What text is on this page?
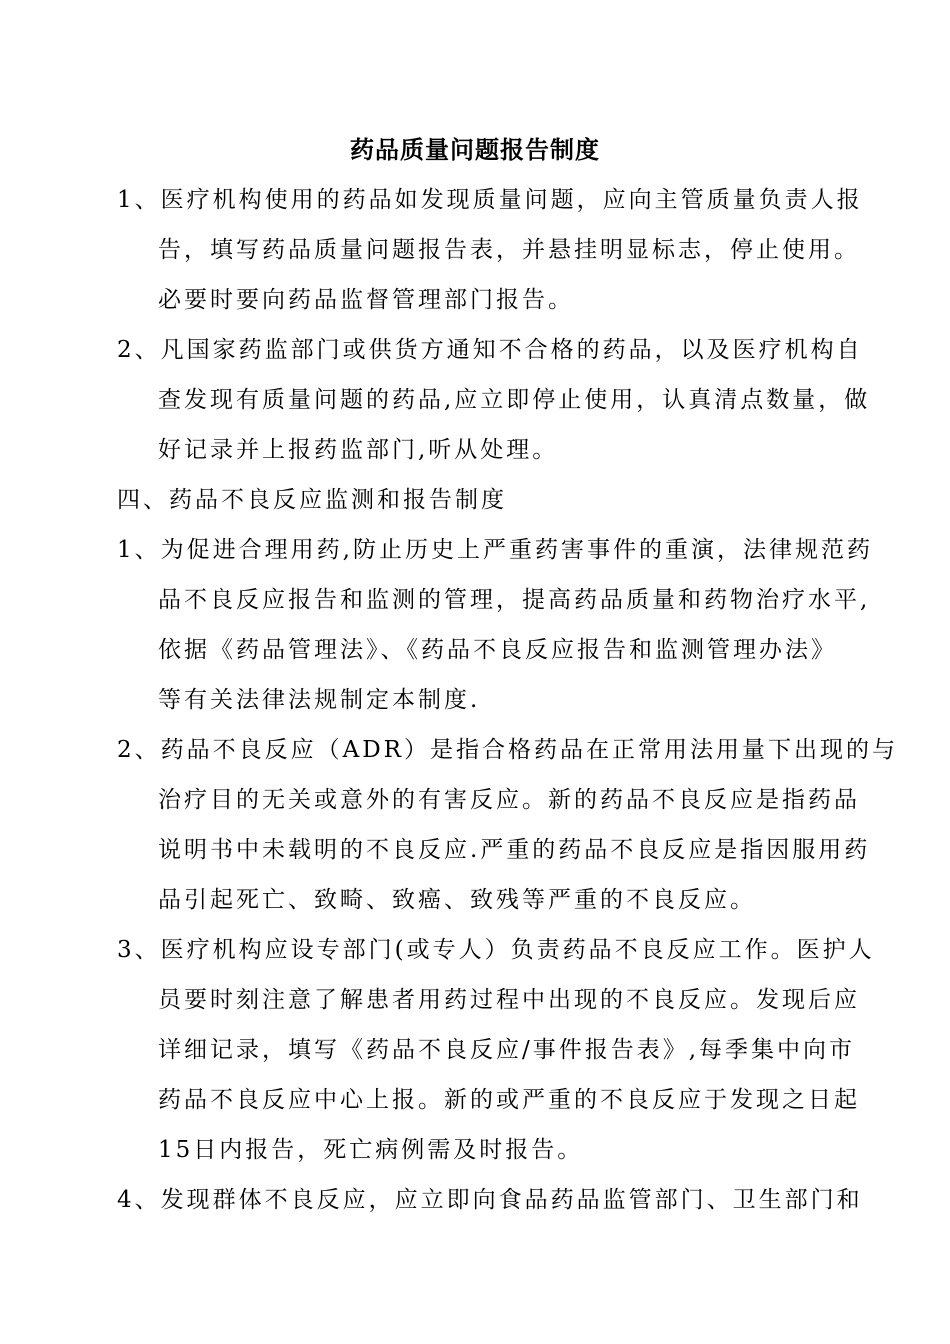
药品质量问题报告制度
1、医疗机构使用的药品如发现质量问题，应向主管质量负责人报
告，填写药品质量问题报告表，并悬挂明显标志，停止使用。
必要时要向药品监督管理部门报告。
2、凡国家药监部门或供货方通知不合格的药品，以及医疗机构自
查发现有质量问题的药品,应立即停止使用，认真清点数量，做
好记录并上报药监部门,听从处理。
四、药品不良反应监测和报告制度
1、为促进合理用药,防止历史上严重药害事件的重演，法律规范药
品不良反应报告和监测的管理，提高药品质量和药物治疗水平,
依据《药品管理法》、《药品不良反应报告和监测管理办法》
等有关法律法规制定本制度.
2、药品不良反应（ADR）是指合格药品在正常用法用量下出现的与
治疗目的无关或意外的有害反应。新的药品不良反应是指药品
说明书中未载明的不良反应.严重的药品不良反应是指因服用药
品引起死亡、致畸、致癌、致残等严重的不良反应。
3、医疗机构应设专部门(或专人）负责药品不良反应工作。医护人
员要时刻注意了解患者用药过程中出现的不良反应。发现后应
详细记录，填写《药品不良反应/事件报告表》,每季集中向市
药品不良反应中心上报。新的或严重的不良反应于发现之日起
15日内报告，死亡病例需及时报告。
4、发现群体不良反应，应立即向食品药品监管部门、卫生部门和
